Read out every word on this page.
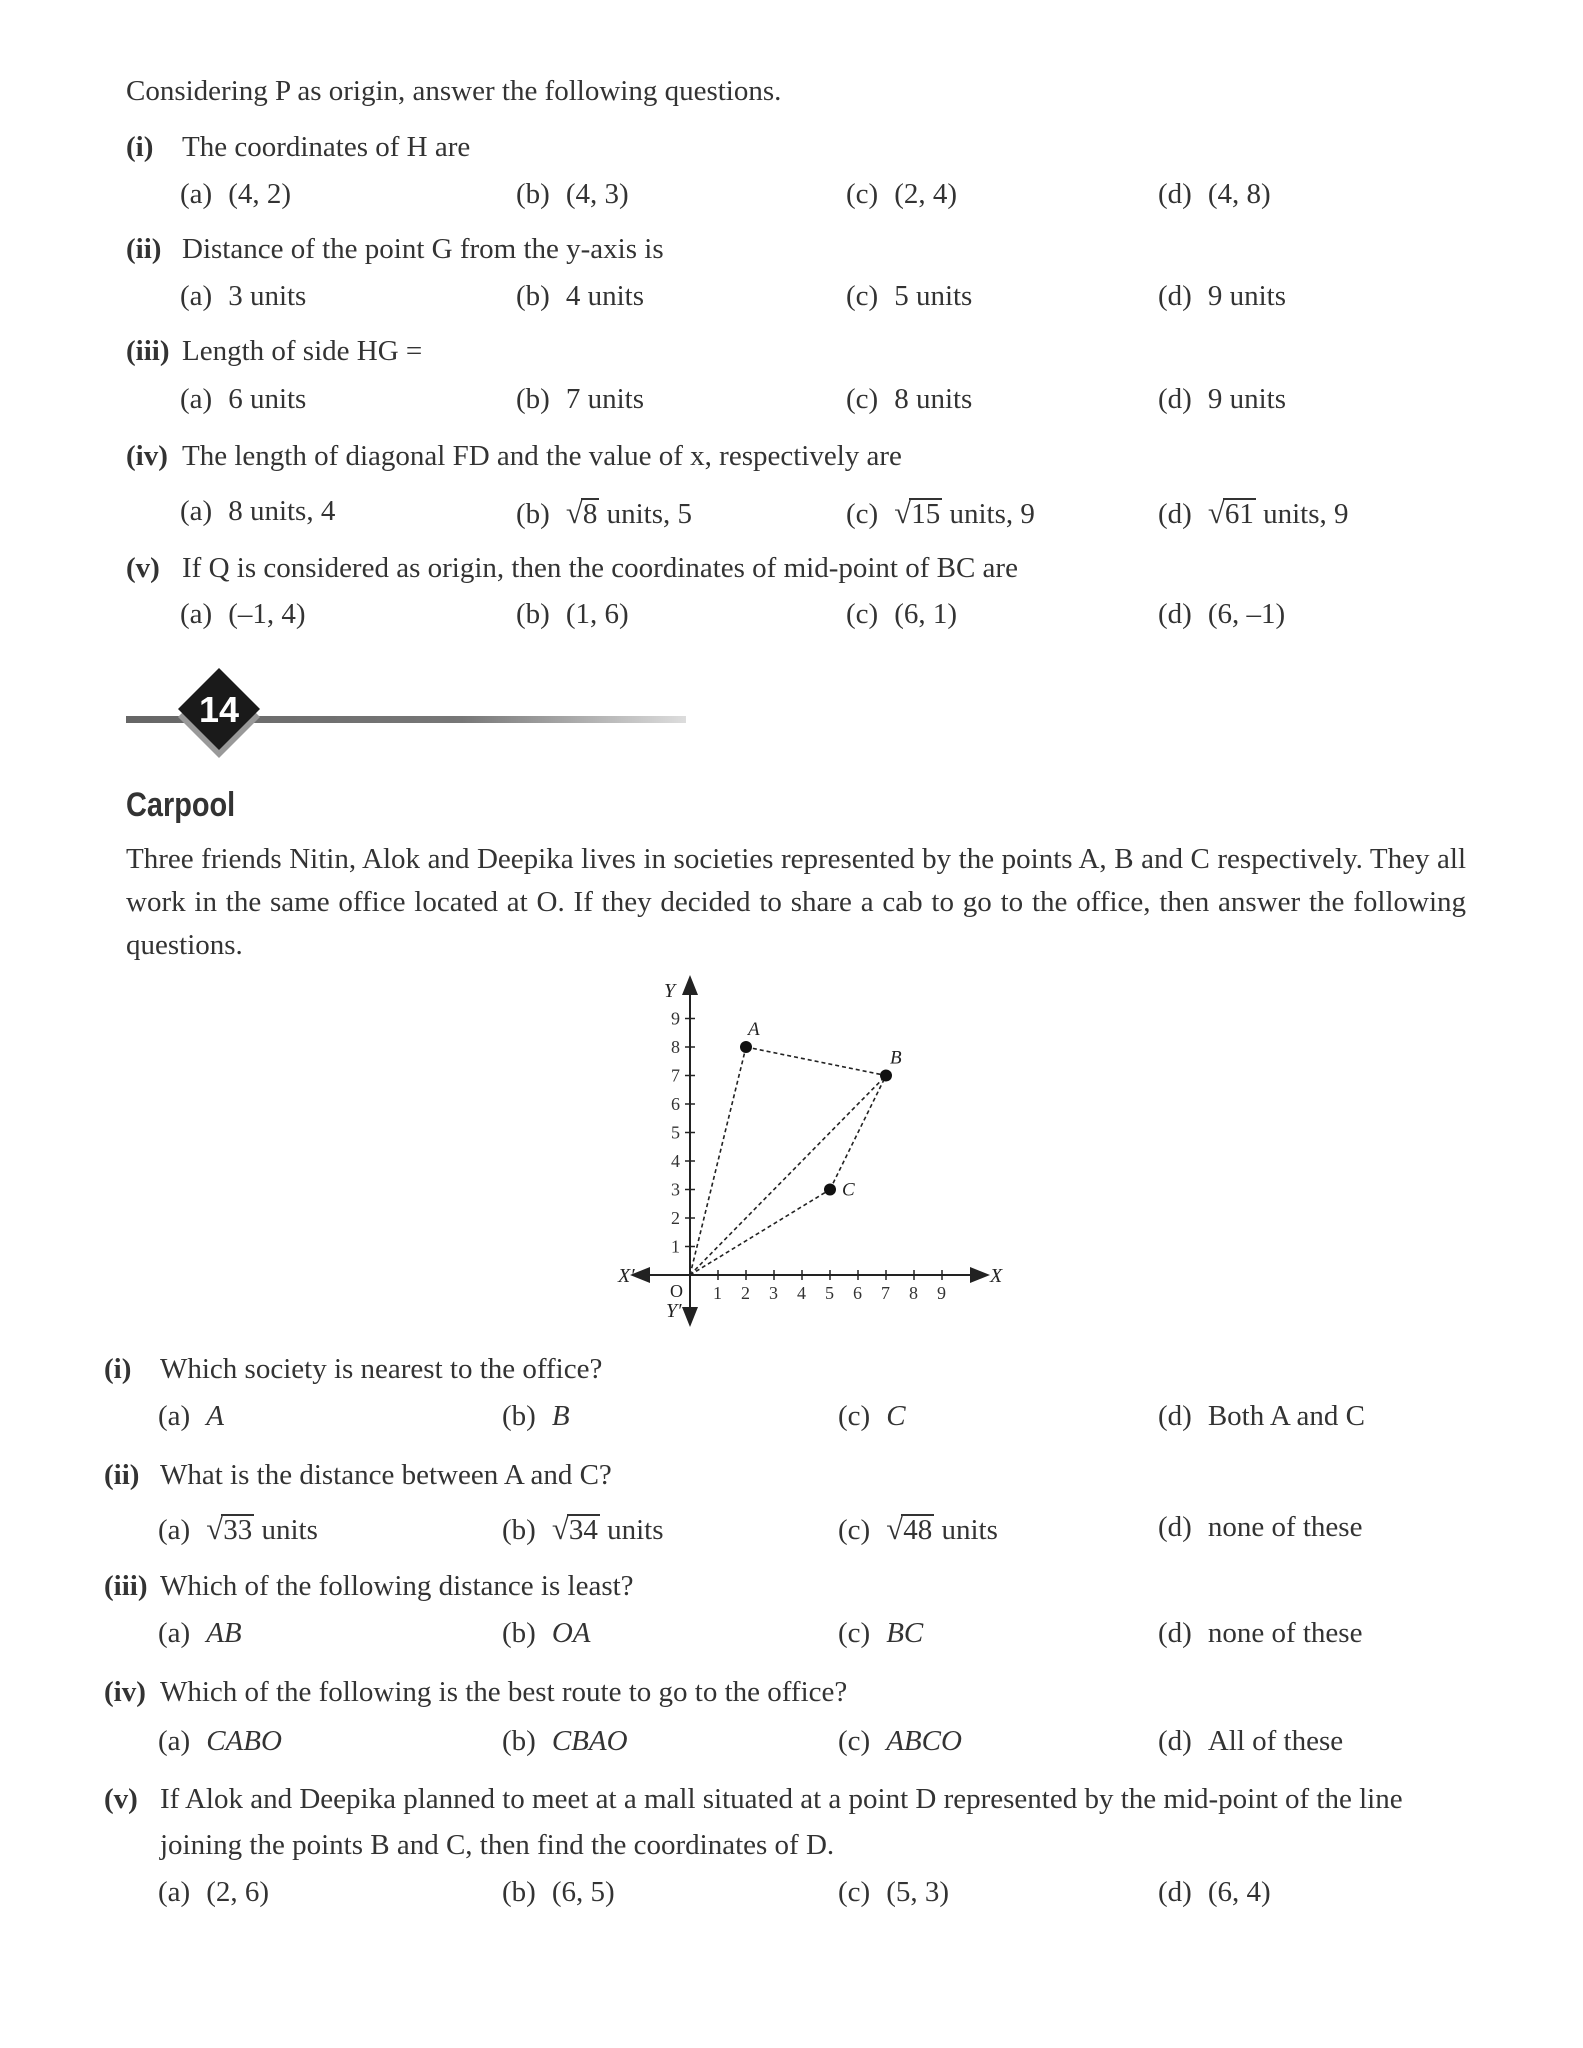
Considering P as origin, answer the following questions.
(i) The coordinates of H are
(a) (4, 2)	(b) (4, 3)	(c) (2, 4)	(d) (4, 8)
(ii) Distance of the point G from the y-axis is
(a) 3 units	(b) 4 units	(c) 5 units	(d) 9 units
(iii) Length of side HG =
(a) 6 units	(b) 7 units	(c) 8 units	(d) 9 units
(iv) The length of diagonal FD and the value of x, respectively are
(a) 8 units, 4	(b) √8 units, 5	(c) √15 units, 9	(d) √61 units, 9
(v) If Q is considered as origin, then the coordinates of mid-point of BC are
(a) (–1, 4)	(b) (1, 6)	(c) (6, 1)	(d) (6, –1)
14
Carpool
Three friends Nitin, Alok and Deepika lives in societies represented by the points A, B and C respectively. They all work in the same office located at O. If they decided to share a cab to go to the office, then answer the following questions.
X
X′
Y
Y′
O 1
1
2
2
3
3
4
4
5
5
6
6
7
7
8
8
9
9
A
B
C
(i) Which society is nearest to the office?
(a) A	(b) B	(c) C	(d) Both A and C
(ii) What is the distance between A and C?
(a) √33 units	(b) √34 units	(c) √48 units	(d) none of these
(iii) Which of the following distance is least?
(a) AB	(b) OA	(c) BC	(d) none of these
(iv) Which of the following is the best route to go to the office?
(a) CABO	(b) CBAO	(c) ABCO	(d) All of these
(v) If Alok and Deepika planned to meet at a mall situated at a point D represented by the mid-point of the line
joining the points B and C, then find the coordinates of D.
(a) (2, 6)	(b) (6, 5)	(c) (5, 3)	(d) (6, 4)
